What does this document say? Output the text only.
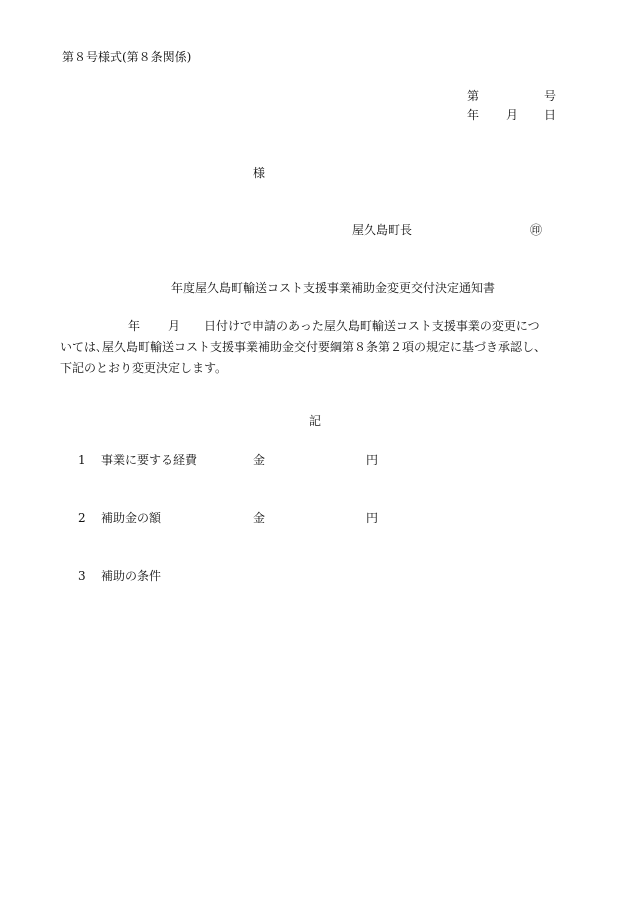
第８号様式(第８条関係)
第	号
年 月 日
様
屋久島町長	㊞
年度屋久島町輸送コスト支援事業補助金変更交付決定通知書
年 月 日付けで申請のあった屋久島町輸送コスト支援事業の変更につ
いては､屋久島町輸送コスト支援事業補助金交付要綱第８条第２項の規定に基づき承認し、
下記のとおり変更決定します。
記
1 事業に要する経費	金	円
2 補助金の額	金	円
3 補助の条件
